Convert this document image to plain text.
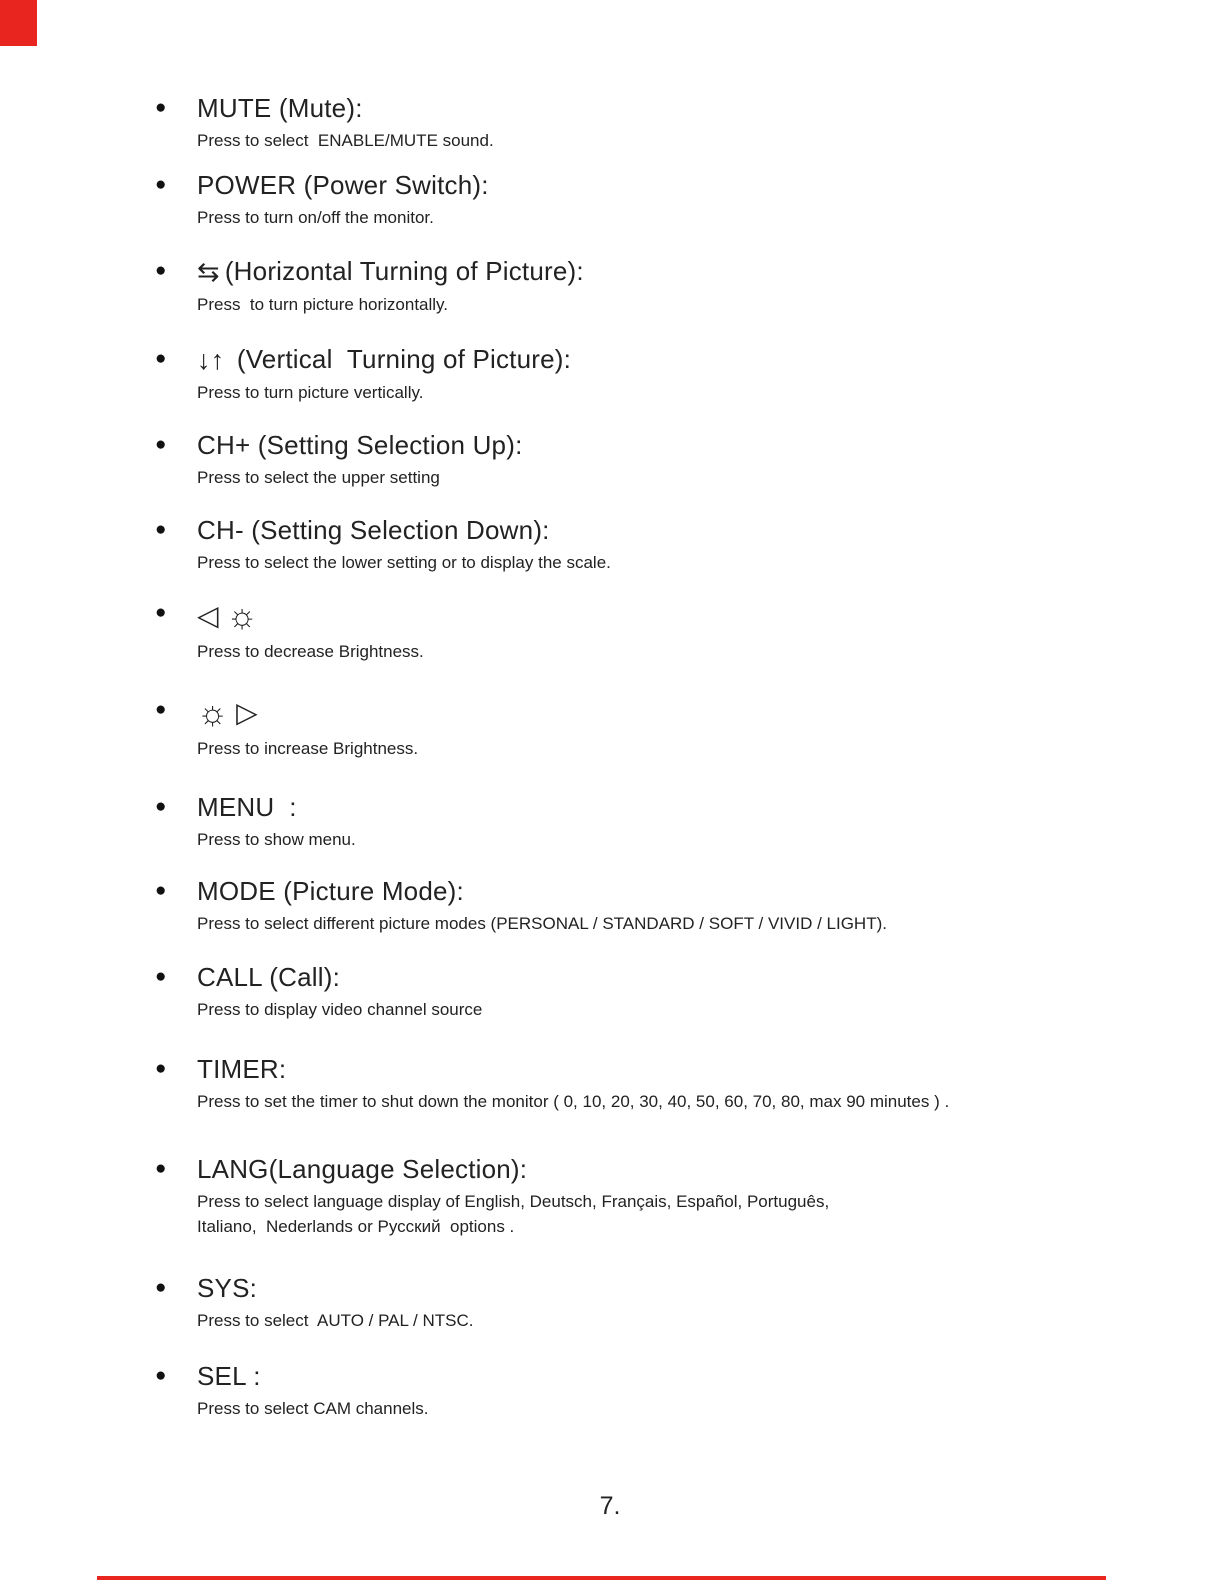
●	MUTE (Mute):
Press to select  ENABLE/MUTE sound.
●	POWER (Power Switch):
Press to turn on/off the monitor.
●	⇆ (Horizontal Turning of Picture):
Press  to turn picture horizontally.
●	↓↑ (Vertical  Turning of Picture):
Press to turn picture vertically.
●	CH+ (Setting Selection Up):
Press to select the upper setting
●	CH- (Setting Selection Down):
Press to select the lower setting or to display the scale.
●	◁ ☼
Press to decrease Brightness.
● ☼ ▷
Press to increase Brightness.
●	MENU  :
Press to show menu.
●	MODE (Picture Mode):
Press to select different picture modes (PERSONAL / STANDARD / SOFT / VIVID / LIGHT).
●	CALL (Call):
Press to display video channel source
●	TIMER:
Press to set the timer to shut down the monitor ( 0, 10, 20, 30, 40, 50, 60, 70, 80, max 90 minutes ) .
●	LANG(Language Selection):
Press to select language display of English, Deutsch, Français, Español, Português,
Italiano,  Nederlands or Русский  options .
●	SYS:
Press to select  AUTO / PAL / NTSC.
●	SEL :
Press to select CAM channels.
7.
